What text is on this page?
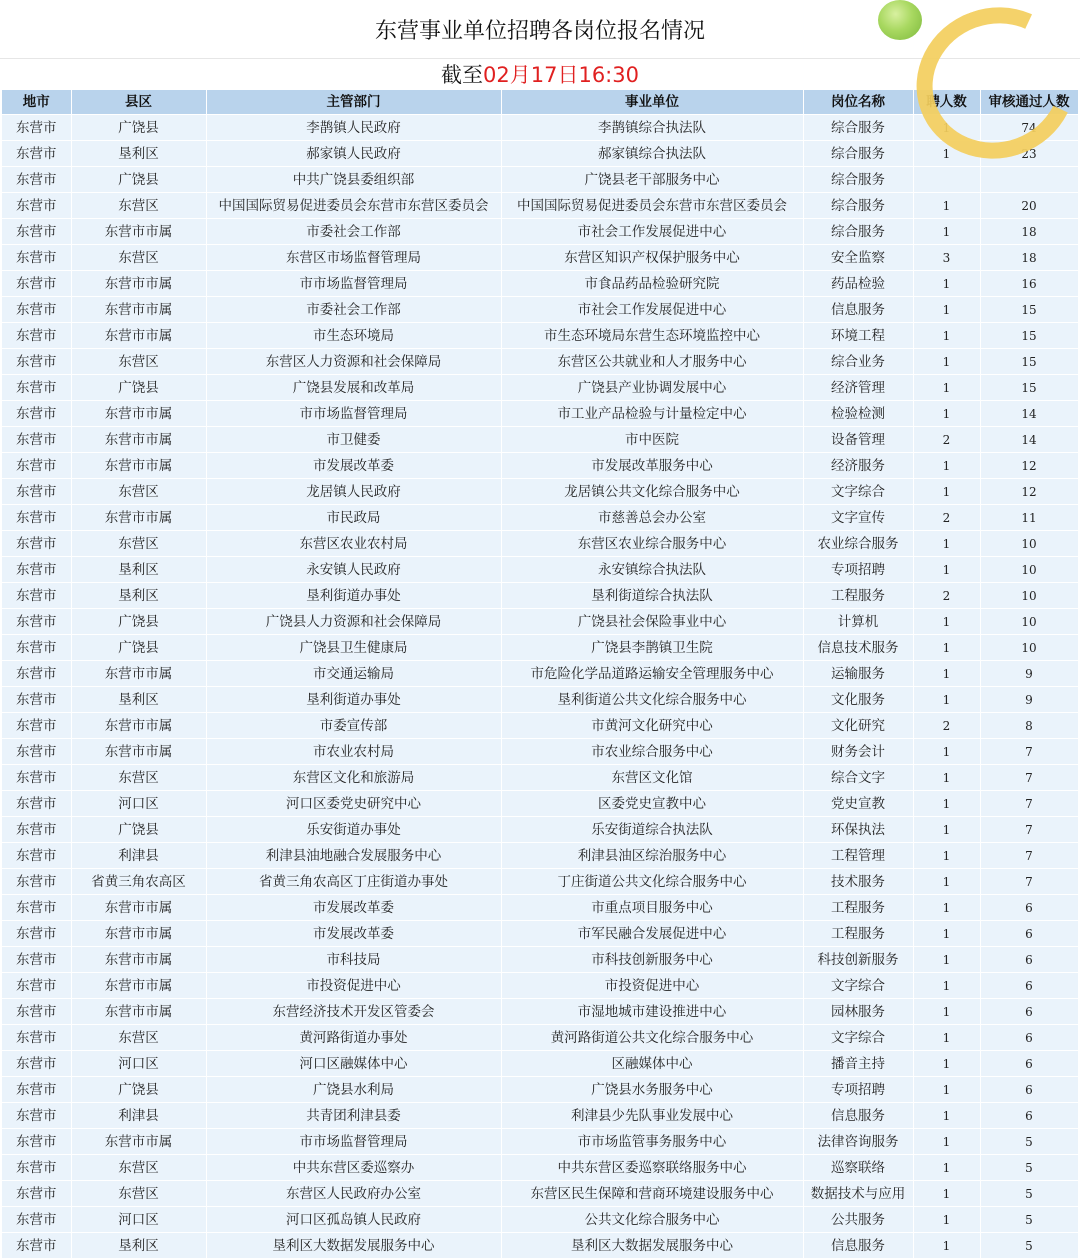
东营事业单位招聘各岗位报名情况
截至 02月17日16:30
地市	县区	主管部门	事业单位	岗位名称	聘人数	审核通过人数
东营市	广饶县	李鹊镇人民政府	李鹊镇综合执法队	综合服务	1	74
东营市	垦利区	郝家镇人民政府	郝家镇综合执法队	综合服务	1	23
东营市	广饶县	中共广饶县委组织部	广饶县老干部服务中心	综合服务		
东营市	东营区	中国国际贸易促进委员会东营市东营区委员会	中国国际贸易促进委员会东营市东营区委员会	综合服务	1	20
东营市	东营市市属	市委社会工作部	市社会工作发展促进中心	综合服务	1	18
东营市	东营区	东营区市场监督管理局	东营区知识产权保护服务中心	安全监察	3	18
东营市	东营市市属	市市场监督管理局	市食品药品检验研究院	药品检验	1	16
东营市	东营市市属	市委社会工作部	市社会工作发展促进中心	信息服务	1	15
东营市	东营市市属	市生态环境局	市生态环境局东营生态环境监控中心	环境工程	1	15
东营市	东营区	东营区人力资源和社会保障局	东营区公共就业和人才服务中心	综合业务	1	15
东营市	广饶县	广饶县发展和改革局	广饶县产业协调发展中心	经济管理	1	15
东营市	东营市市属	市市场监督管理局	市工业产品检验与计量检定中心	检验检测	1	14
东营市	东营市市属	市卫健委	市中医院	设备管理	2	14
东营市	东营市市属	市发展改革委	市发展改革服务中心	经济服务	1	12
东营市	东营区	龙居镇人民政府	龙居镇公共文化综合服务中心	文字综合	1	12
东营市	东营市市属	市民政局	市慈善总会办公室	文字宣传	2	11
东营市	东营区	东营区农业农村局	东营区农业综合服务中心	农业综合服务	1	10
东营市	垦利区	永安镇人民政府	永安镇综合执法队	专项招聘	1	10
东营市	垦利区	垦利街道办事处	垦利街道综合执法队	工程服务	2	10
东营市	广饶县	广饶县人力资源和社会保障局	广饶县社会保险事业中心	计算机	1	10
东营市	广饶县	广饶县卫生健康局	广饶县李鹊镇卫生院	信息技术服务	1	10
东营市	东营市市属	市交通运输局	市危险化学品道路运输安全管理服务中心	运输服务	1	9
东营市	垦利区	垦利街道办事处	垦利街道公共文化综合服务中心	文化服务	1	9
东营市	东营市市属	市委宣传部	市黄河文化研究中心	文化研究	2	8
东营市	东营市市属	市农业农村局	市农业综合服务中心	财务会计	1	7
东营市	东营区	东营区文化和旅游局	东营区文化馆	综合文字	1	7
东营市	河口区	河口区委党史研究中心	区委党史宣教中心	党史宣教	1	7
东营市	广饶县	乐安街道办事处	乐安街道综合执法队	环保执法	1	7
东营市	利津县	利津县油地融合发展服务中心	利津县油区综治服务中心	工程管理	1	7
东营市	省黄三角农高区	省黄三角农高区丁庄街道办事处	丁庄街道公共文化综合服务中心	技术服务	1	7
东营市	东营市市属	市发展改革委	市重点项目服务中心	工程服务	1	6
东营市	东营市市属	市发展改革委	市军民融合发展促进中心	工程服务	1	6
东营市	东营市市属	市科技局	市科技创新服务中心	科技创新服务	1	6
东营市	东营市市属	市投资促进中心	市投资促进中心	文字综合	1	6
东营市	东营市市属	东营经济技术开发区管委会	市湿地城市建设推进中心	园林服务	1	6
东营市	东营区	黄河路街道办事处	黄河路街道公共文化综合服务中心	文字综合	1	6
东营市	河口区	河口区融媒体中心	区融媒体中心	播音主持	1	6
东营市	广饶县	广饶县水利局	广饶县水务服务中心	专项招聘	1	6
东营市	利津县	共青团利津县委	利津县少先队事业发展中心	信息服务	1	6
东营市	东营市市属	市市场监督管理局	市市场监管事务服务中心	法律咨询服务	1	5
东营市	东营区	中共东营区委巡察办	中共东营区委巡察联络服务中心	巡察联络	1	5
东营市	东营区	东营区人民政府办公室	东营区民生保障和营商环境建设服务中心	数据技术与应用	1	5
东营市	河口区	河口区孤岛镇人民政府	公共文化综合服务中心	公共服务	1	5
东营市	垦利区	垦利区大数据发展服务中心	垦利区大数据发展服务中心	信息服务	1	5
